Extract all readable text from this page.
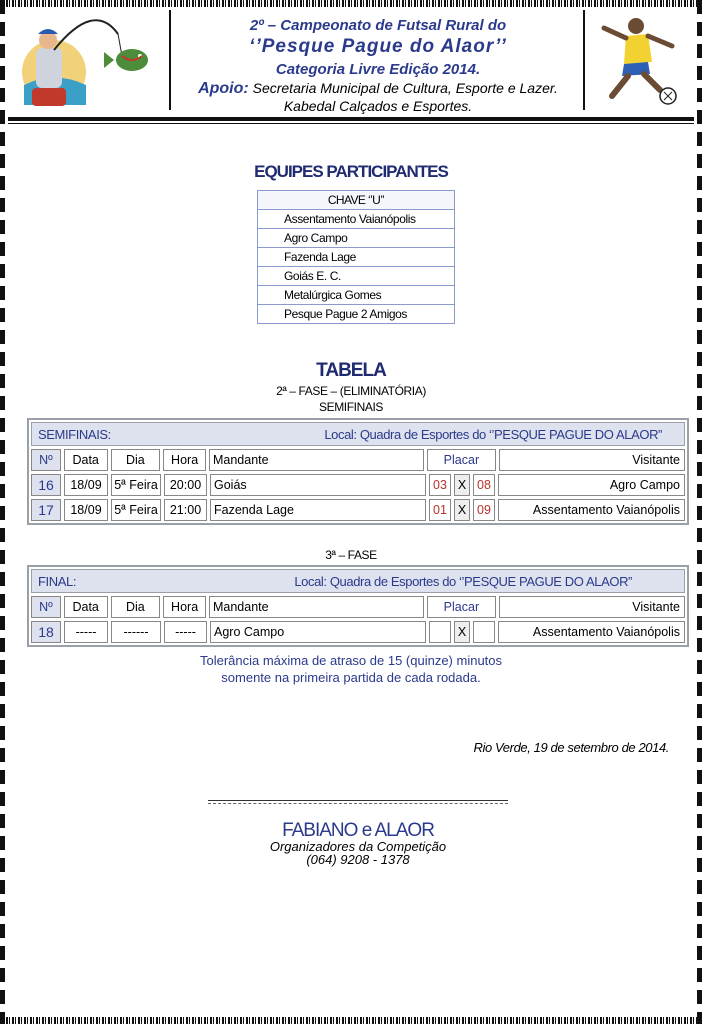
2º – Campeonato de Futsal Rural do
‘’Pesque Pague do Alaor’’
Categoria Livre Edição 2014.
Apoio: Secretaria Municipal de Cultura, Esporte e Lazer.
Kabedal Calçados e Esportes.
EQUIPES PARTICIPANTES
CHAVE ‘’U’’
Assentamento Vaianópolis
Agro Campo
Fazenda Lage
Goiás E. C.
Metalúrgica Gomes
Pesque Pague 2 Amigos
TABELA
2ª – FASE – (ELIMINATÓRIA)
SEMIFINAIS
SEMIFINAIS:	Local: Quadra de Esportes do ‘’PESQUE PAGUE DO ALAOR”
Nº	Data	Dia	Hora	Mandante	Placar	Visitante
16	18/09	5ª Feira 20:00	Goiás	03 X 08	Agro Campo
17	18/09	5ª Feira 21:00	Fazenda Lage	01 X 09	Assentamento Vaianópolis
3ª – FASE
FINAL:	Local: Quadra de Esportes do ‘’PESQUE PAGUE DO ALAOR”
Nº	Data	Dia	Hora	Mandante	Placar	Visitante
18	-----	------	-----	Agro Campo	X	Assentamento Vaianópolis
Tolerância máxima de atraso de 15 (quinze) minutos
somente na primeira partida de cada rodada.
Rio Verde, 19 de setembro de 2014.
FABIANO e ALAOR
Organizadores da Competição
(064) 9208 - 1378
